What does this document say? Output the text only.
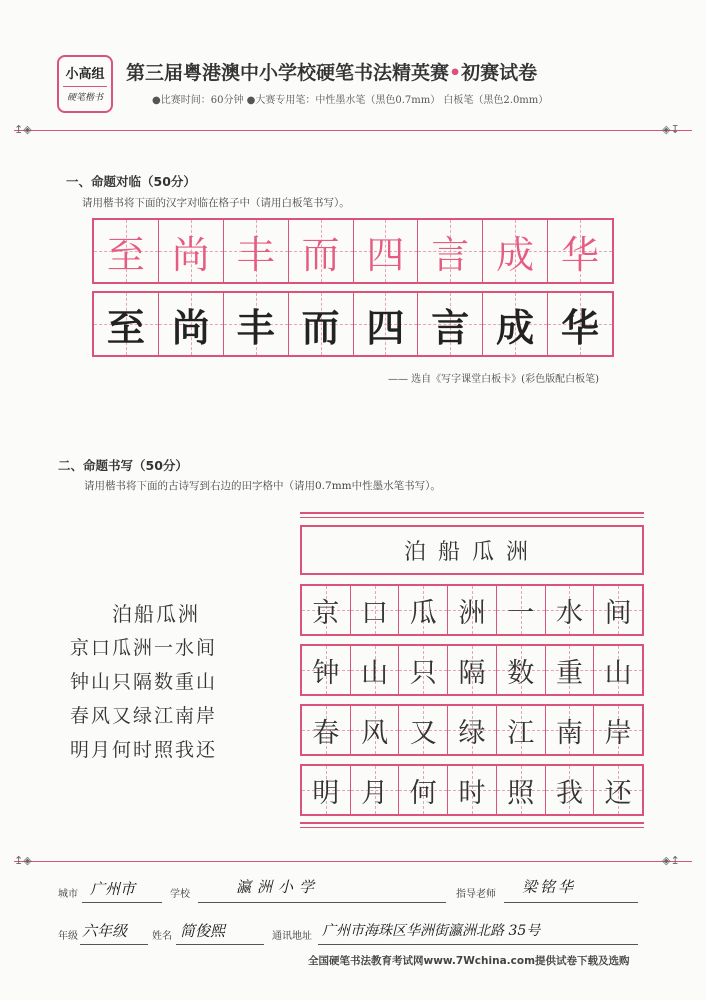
小高组
硬笔楷书
第三届粤港澳中小学校硬笔书法精英赛•初赛试卷
●比赛时间：60分钟 ●大赛专用笔：中性墨水笔（黑色0.7mm） 白板笔（黑色2.0mm）
↥◈	◈↧
一、命题对临（50分）
请用楷书将下面的汉字对临在格子中（请用白板笔书写）。
至 尚 丰 而 四 言 成 华
至 尚 丰 而 四 言 成 华
—— 选自《写字课堂白板卡》(彩色版配白板笔)
二、命题书写（50分）
请用楷书将下面的古诗写到右边的田字格中（请用0.7mm中性墨水笔书写）。
泊船瓜洲
京口瓜洲一水间
钟山只隔数重山
春风又绿江南岸
明月何时照我还
泊船瓜洲
京 口 瓜 洲 一 水 间
钟 山 只 隔 数 重 山
春 风 又 绿 江 南 岸
明 月 何 时 照 我 还
↥◈	◈↥
城市 广州市	学校	瀛洲小学	指导老师 梁铭华
年级 六年级 姓名 简俊熙	通讯地址 广州市海珠区华洲街瀛洲北路 35号
全国硬笔书法教育考试网www.7Wchina.com提供试卷下载及选购
